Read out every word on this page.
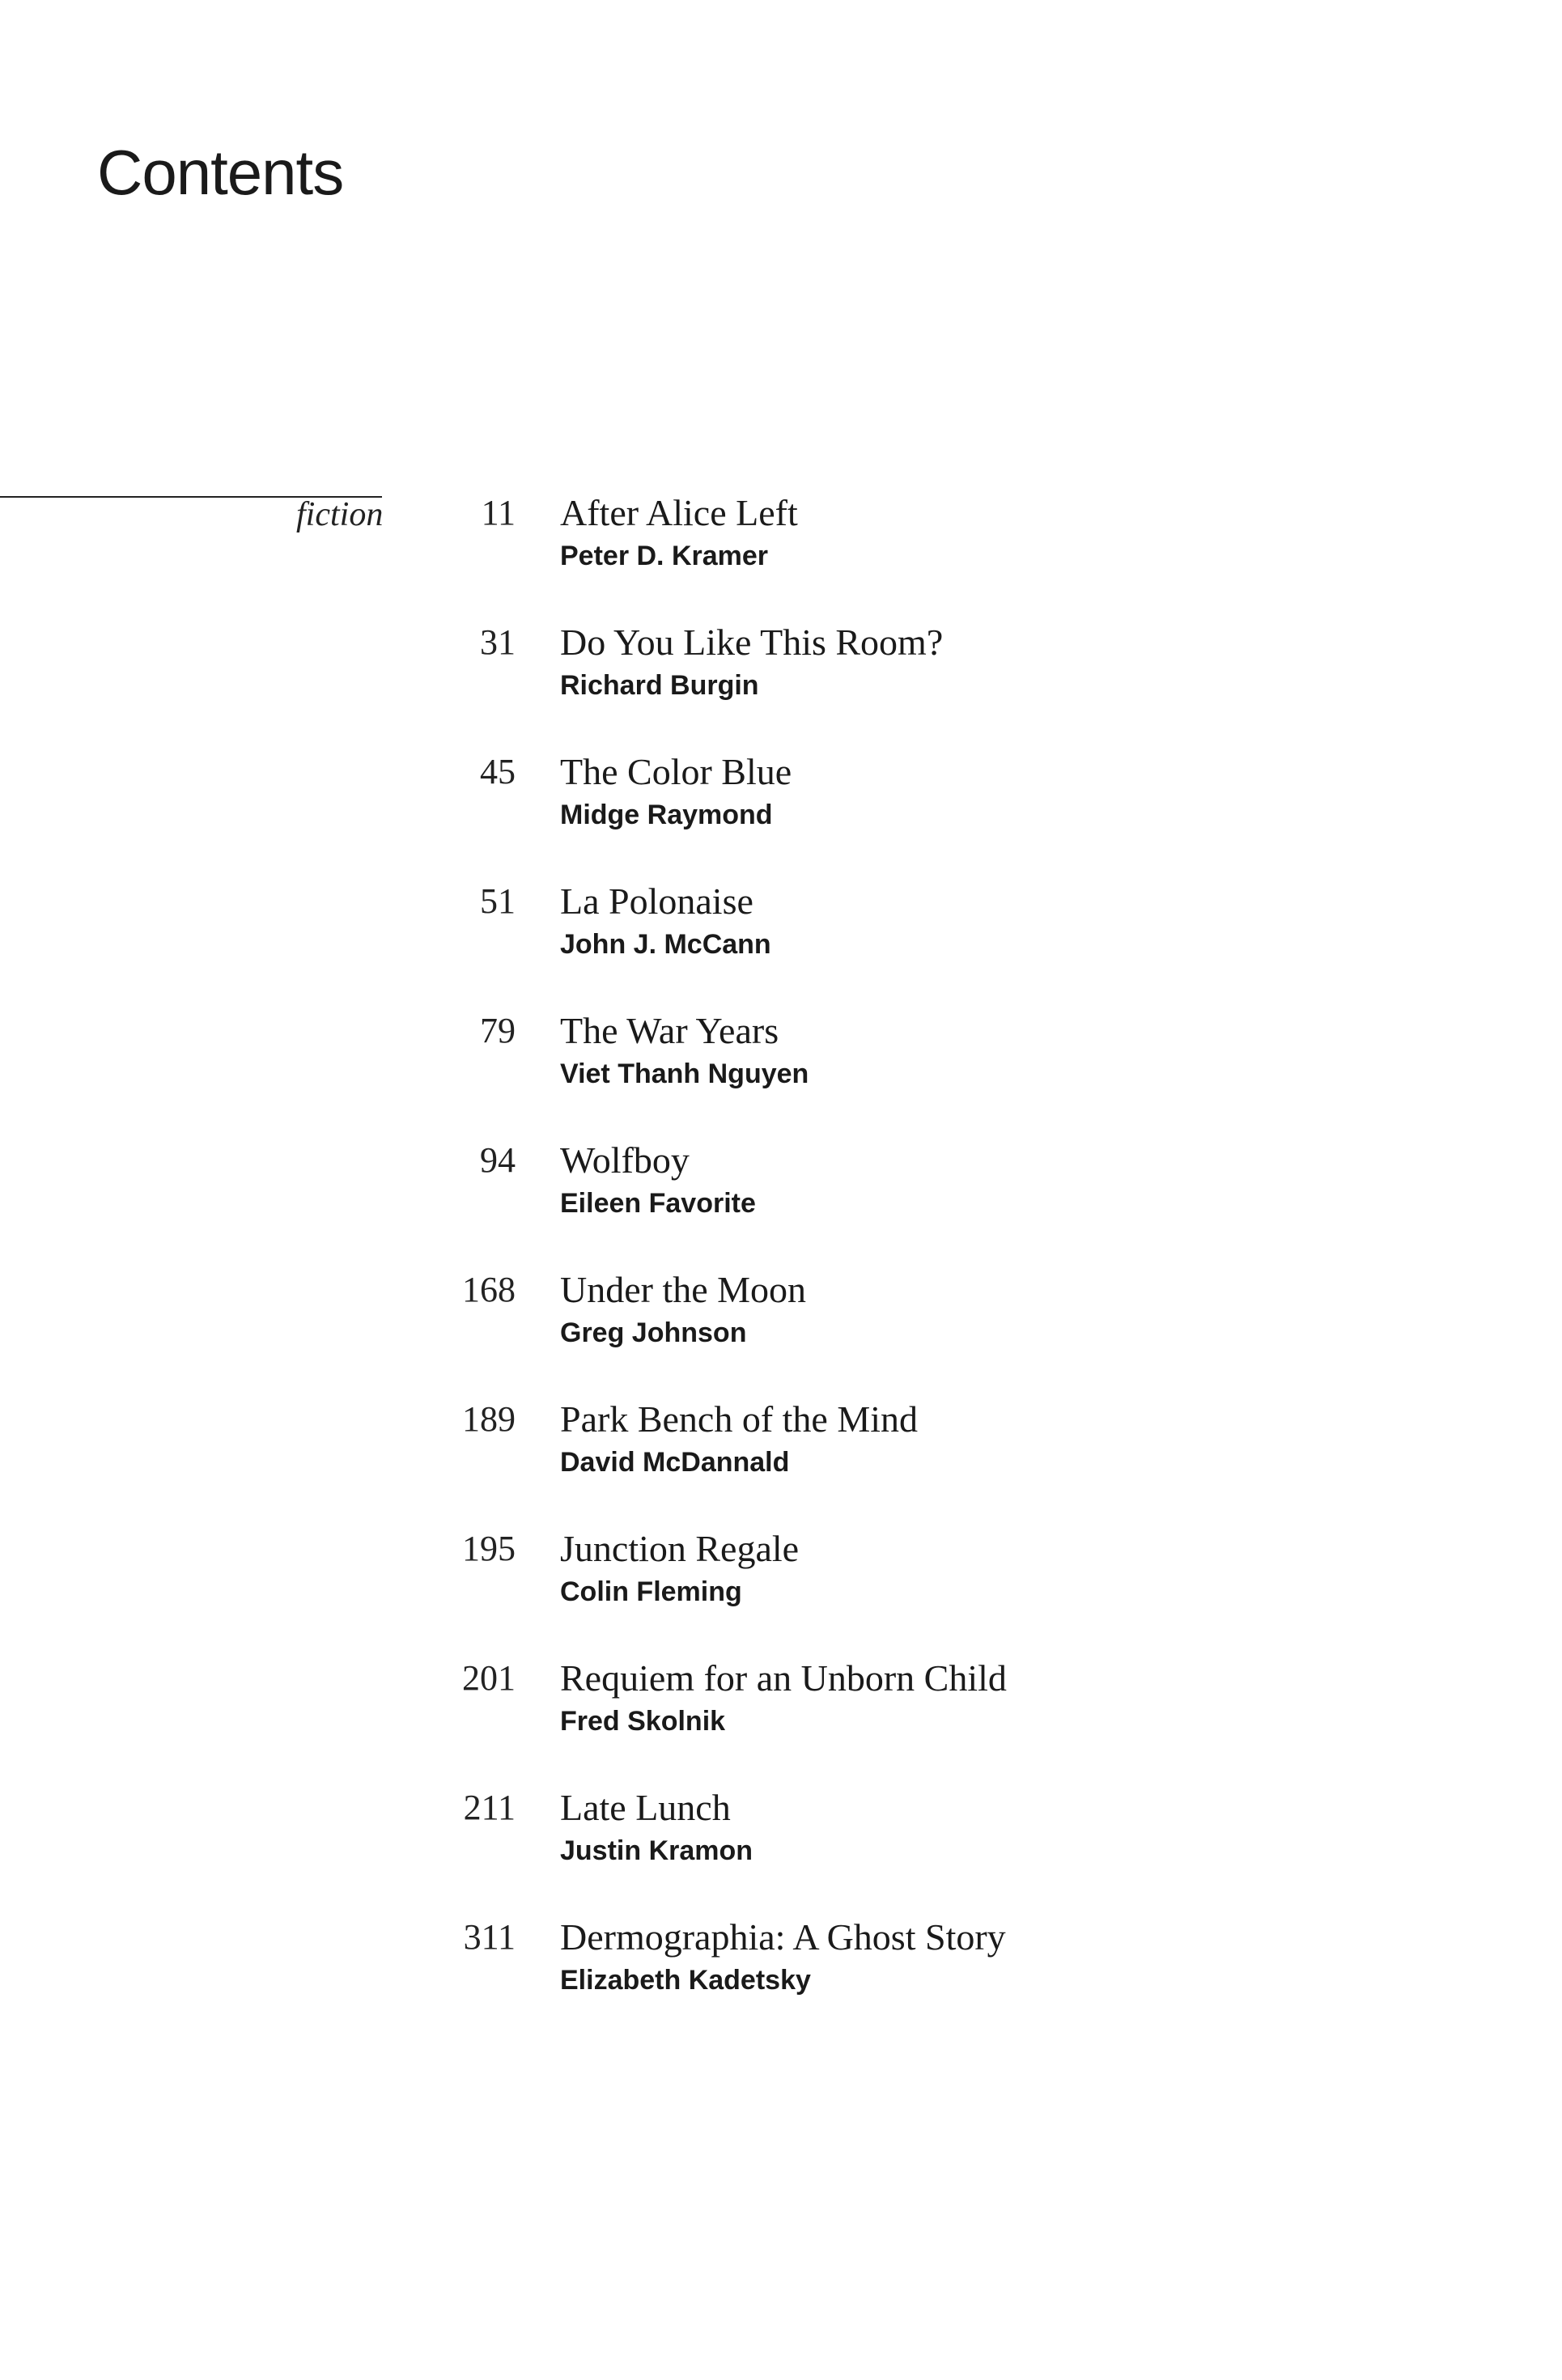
Contents
fiction	11 After Alice Left
Peter D. Kramer
31 Do You Like This Room?
Richard Burgin
45 The Color Blue
Midge Raymond
51 La Polonaise
John J. McCann
79 The War Years
Viet Thanh Nguyen
94 Wolfboy
Eileen Favorite
168 Under the Moon
Greg Johnson
189 Park Bench of the Mind
David McDannald
195 Junction Regale
Colin Fleming
201 Requiem for an Unborn Child
Fred Skolnik
211 Late Lunch
Justin Kramon
311 Dermographia: A Ghost Story
Elizabeth Kadetsky
